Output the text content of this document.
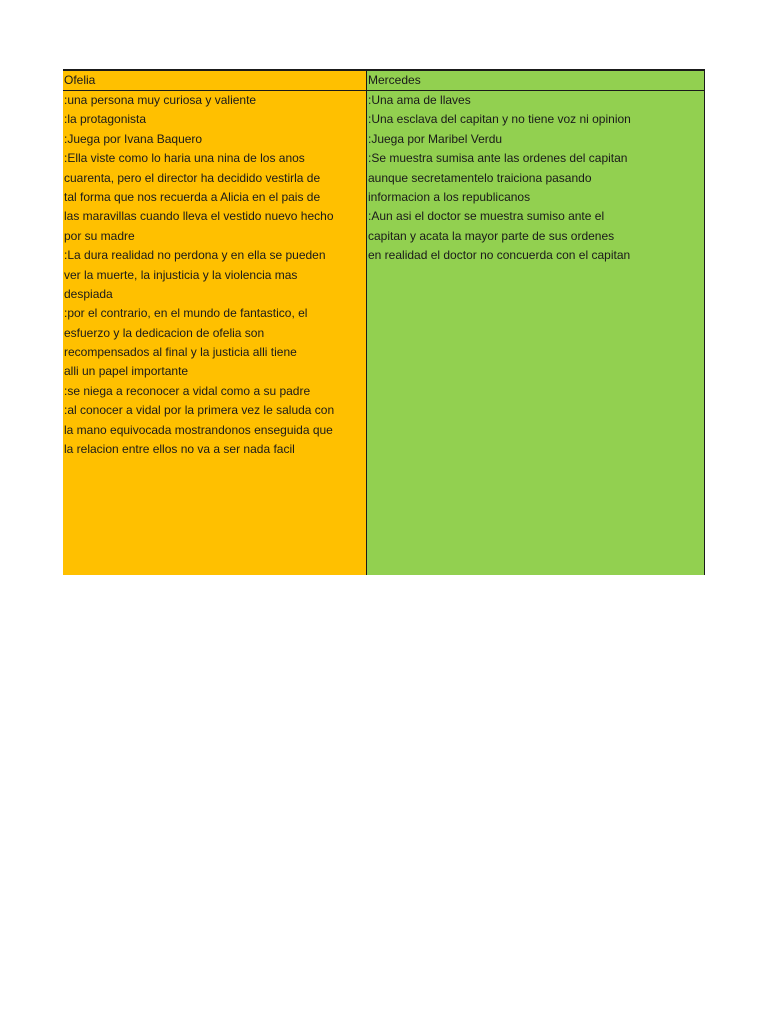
Ofelia
:una persona muy curiosa y valiente
:la protagonista
:Juega por Ivana Baquero
:Ella viste como lo haria una nina de los anos
cuarenta, pero el director ha decidido vestirla de
tal forma que nos recuerda a Alicia en el pais de
las maravillas cuando lleva el vestido nuevo hecho
por su madre
:La dura realidad no perdona y en ella se pueden
ver la muerte, la injusticia y la violencia mas
despiada
:por el contrario, en el mundo de fantastico, el
esfuerzo y la dedicacion de ofelia son
recompensados al final y la justicia alli tiene
alli un papel importante
:se niega a reconocer a vidal como a su padre
:al conocer a vidal por la primera vez le saluda con
la mano equivocada mostrandonos enseguida que
la relacion entre ellos no va a ser nada facil
Mercedes
:Una ama de llaves
:Una esclava del capitan y no tiene voz ni opinion
:Juega por Maribel Verdu
:Se muestra sumisa ante las ordenes del capitan
aunque secretamentelo traiciona pasando
informacion a los republicanos
:Aun asi el doctor se muestra sumiso ante el
capitan y acata la mayor parte de sus ordenes
en realidad el doctor no concuerda con el capitan
